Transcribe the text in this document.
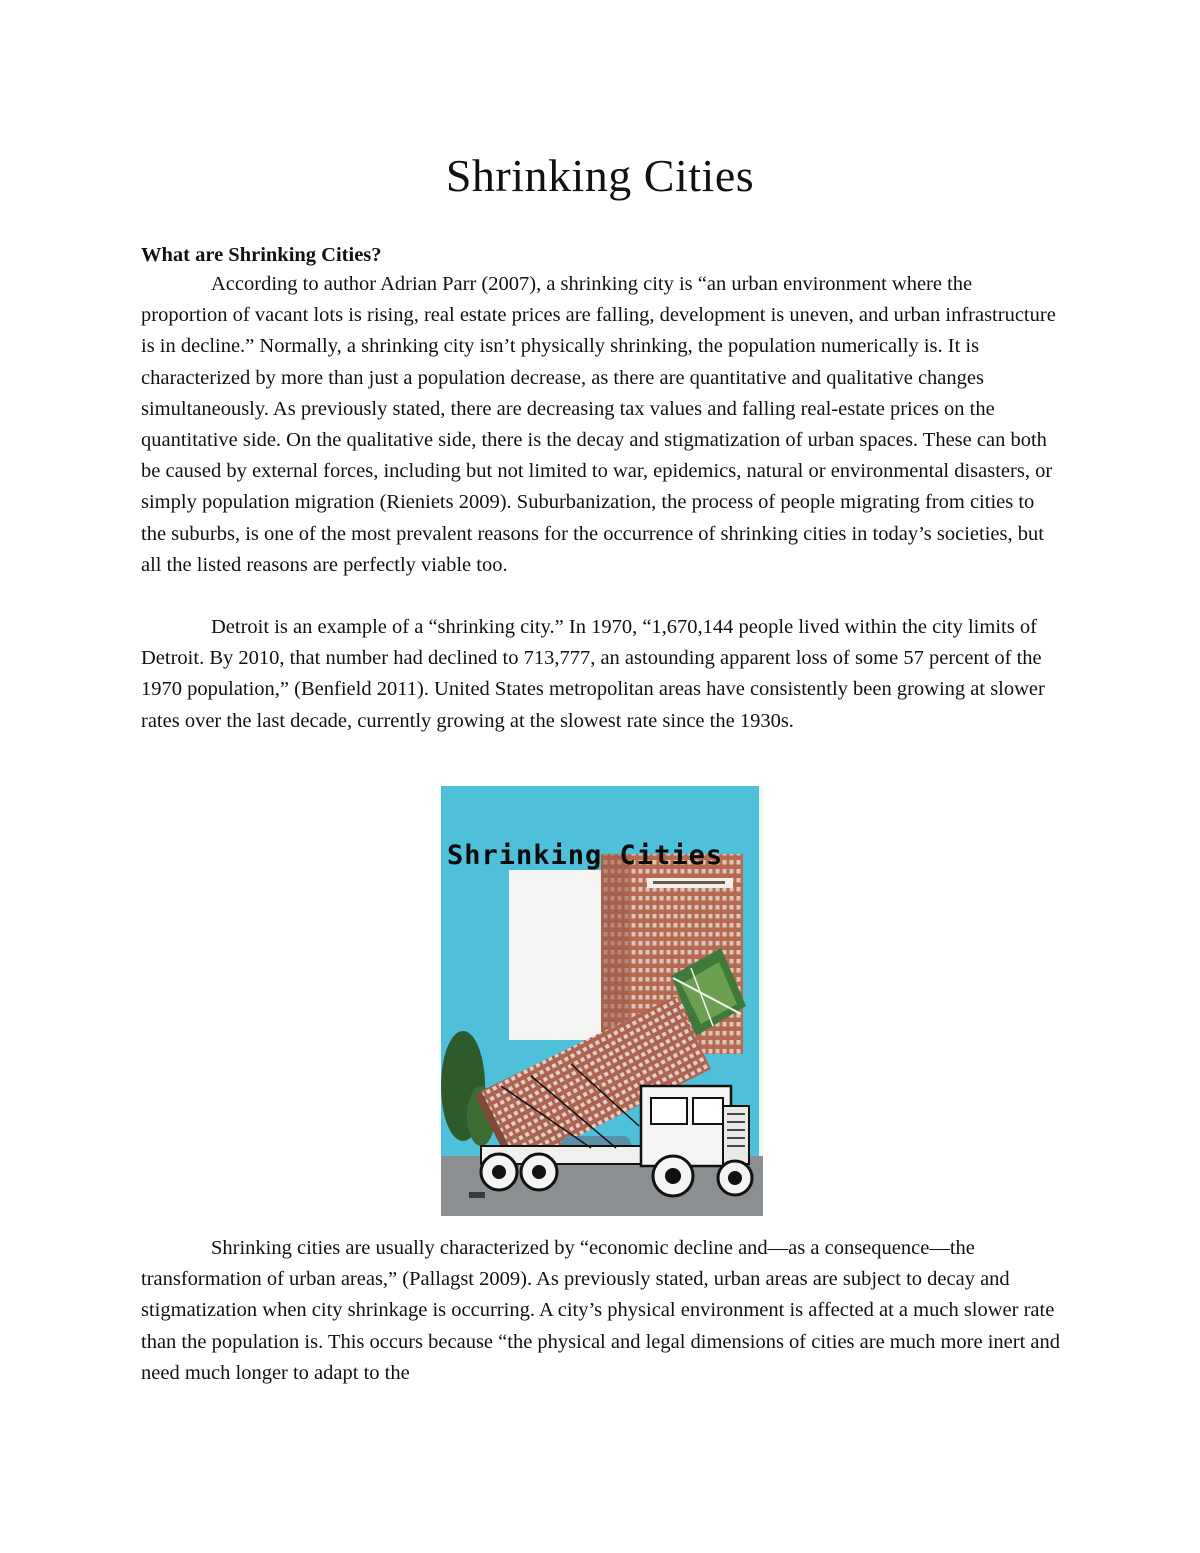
Shrinking Cities
What are Shrinking Cities?

According to author Adrian Parr (2007), a shrinking city is “an urban environment where the proportion of vacant lots is rising, real estate prices are falling, development is uneven, and urban infrastructure is in decline.” Normally, a shrinking city isn’t physically shrinking, the population numerically is. It is characterized by more than just a population decrease, as there are quantitative and qualitative changes simultaneously. As previously stated, there are decreasing tax values and falling real-estate prices on the quantitative side. On the qualitative side, there is the decay and stigmatization of urban spaces. These can both be caused by external forces, including but not limited to war, epidemics, natural or environmental disasters, or simply population migration (Rieniets 2009). Suburbanization, the process of people migrating from cities to the suburbs, is one of the most prevalent reasons for the occurrence of shrinking cities in today’s societies, but all the listed reasons are perfectly viable too.

Detroit is an example of a “shrinking city.” In 1970, “1,670,144 people lived within the city limits of Detroit. By 2010, that number had declined to 713,777, an astounding apparent loss of some 57 percent of the 1970 population,” (Benfield 2011). United States metropolitan areas have consistently been growing at slower rates over the last decade, currently growing at the slowest rate since the 1930s.

Shrinking Cities

Shrinking cities are usually characterized by “economic decline and—as a consequence—the transformation of urban areas,” (Pallagst 2009). As previously stated, urban areas are subject to decay and stigmatization when city shrinkage is occurring. A city’s physical environment is affected at a much slower rate than the population is. This occurs because “the physical and legal dimensions of cities are much more inert and need much longer to adapt to the
